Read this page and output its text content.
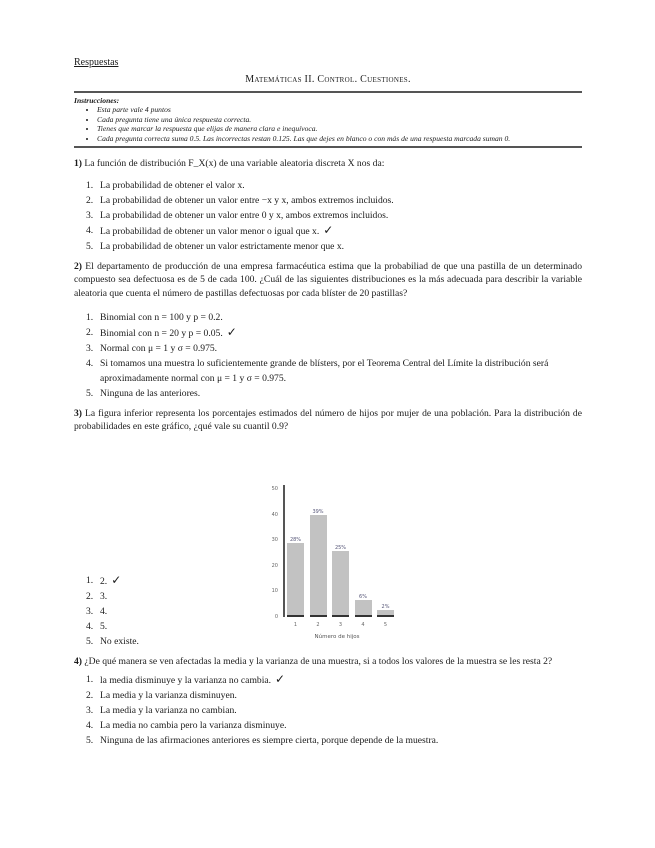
Respuestas
Matemáticas II. Control. Cuestiones.
Instrucciones:
• Esta parte vale 4 puntos
• Cada pregunta tiene una única respuesta correcta.
• Tienes que marcar la respuesta que elijas de manera clara e inequívoca.
• Cada pregunta correcta suma 0.5. Las incorrectas restan 0.125. Las que dejes en blanco o con más de una respuesta marcada suman 0.
1) La función de distribución F_X(x) de una variable aleatoria discreta X nos da:
1. La probabilidad de obtener el valor x.
2. La probabilidad de obtener un valor entre −x y x, ambos extremos incluidos.
3. La probabilidad de obtener un valor entre 0 y x, ambos extremos incluidos.
4. La probabilidad de obtener un valor menor o igual que x. ✓
5. La probabilidad de obtener un valor estrictamente menor que x.
2) El departamento de producción de una empresa farmacéutica estima que la probabiliad de que una pastilla de un determinado compuesto sea defectuosa es de 5 de cada 100. ¿Cuál de las siguientes distribuciones es la más adecuada para describir la variable aleatoria que cuenta el número de pastillas defectuosas por cada blíster de 20 pastillas?
1. Binomial con n = 100 y p = 0.2.
2. Binomial con n = 20 y p = 0.05. ✓
3. Normal con μ = 1 y σ = 0.975.
4. Si tomamos una muestra lo suficientemente grande de blísters, por el Teorema Central del Límite la distribución será aproximadamente normal con μ = 1 y σ = 0.975.
5. Ninguna de las anteriores.
3) La figura inferior representa los porcentajes estimados del número de hijos por mujer de una población. Para la distribución de probabilidades en este gráfico, ¿qué vale su cuantil 0.9?
1. 2. ✓
2. 3.
3. 4.
4. 5.
5. No existe.
4) ¿De qué manera se ven afectadas la media y la varianza de una muestra, si a todos los valores de la muestra se les resta 2?
1. la media disminuye y la varianza no cambia. ✓
2. La media y la varianza disminuyen.
3. La media y la varianza no cambian.
4. La media no cambia pero la varianza disminuye.
5. Ninguna de las afirmaciones anteriores es siempre cierta, porque depende de la muestra.
0
10
20
30
40
50
28%
1
39%
2
25%
3
6%
4
2%
5
Número de hijos
